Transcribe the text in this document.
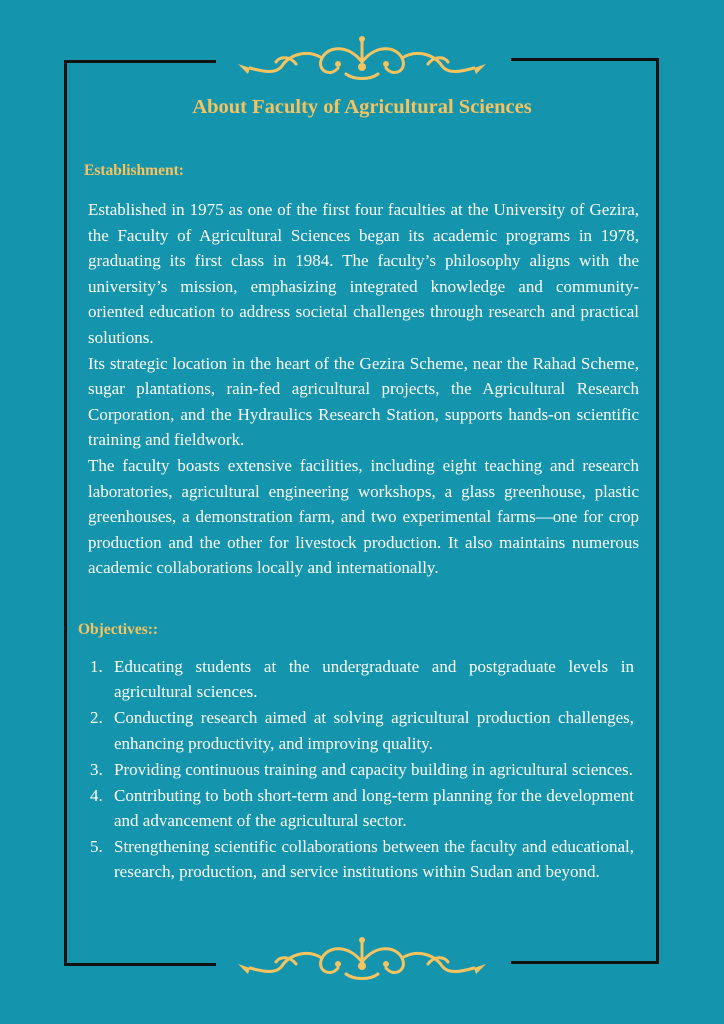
About Faculty of Agricultural Sciences
Establishment:

Established in 1975 as one of the first four faculties at the University of Gezira, the Faculty of Agricultural Sciences began its academic programs in 1978, graduating its first class in 1984. The faculty’s philosophy aligns with the university’s mission, emphasizing integrated knowledge and community-oriented education to address societal challenges through research and practical solutions.

Its strategic location in the heart of the Gezira Scheme, near the Rahad Scheme, sugar plantations, rain-fed agricultural projects, the Agricultural Research Corporation, and the Hydraulics Research Station, supports hands-on scientific training and fieldwork.

The faculty boasts extensive facilities, including eight teaching and research laboratories, agricultural engineering workshops, a glass greenhouse, plastic greenhouses, a demonstration farm, and two experimental farms—one for crop production and the other for livestock production. It also maintains numerous academic collaborations locally and internationally.

Objectives::
1. Educating students at the undergraduate and postgraduate levels in agricultural sciences.
2. Conducting research aimed at solving agricultural production challenges, enhancing productivity, and improving quality.
3. Providing continuous training and capacity building in agricultural sciences.
4. Contributing to both short-term and long-term planning for the development and advancement of the agricultural sector.
5. Strengthening scientific collaborations between the faculty and educational, research, production, and service institutions within Sudan and beyond.
